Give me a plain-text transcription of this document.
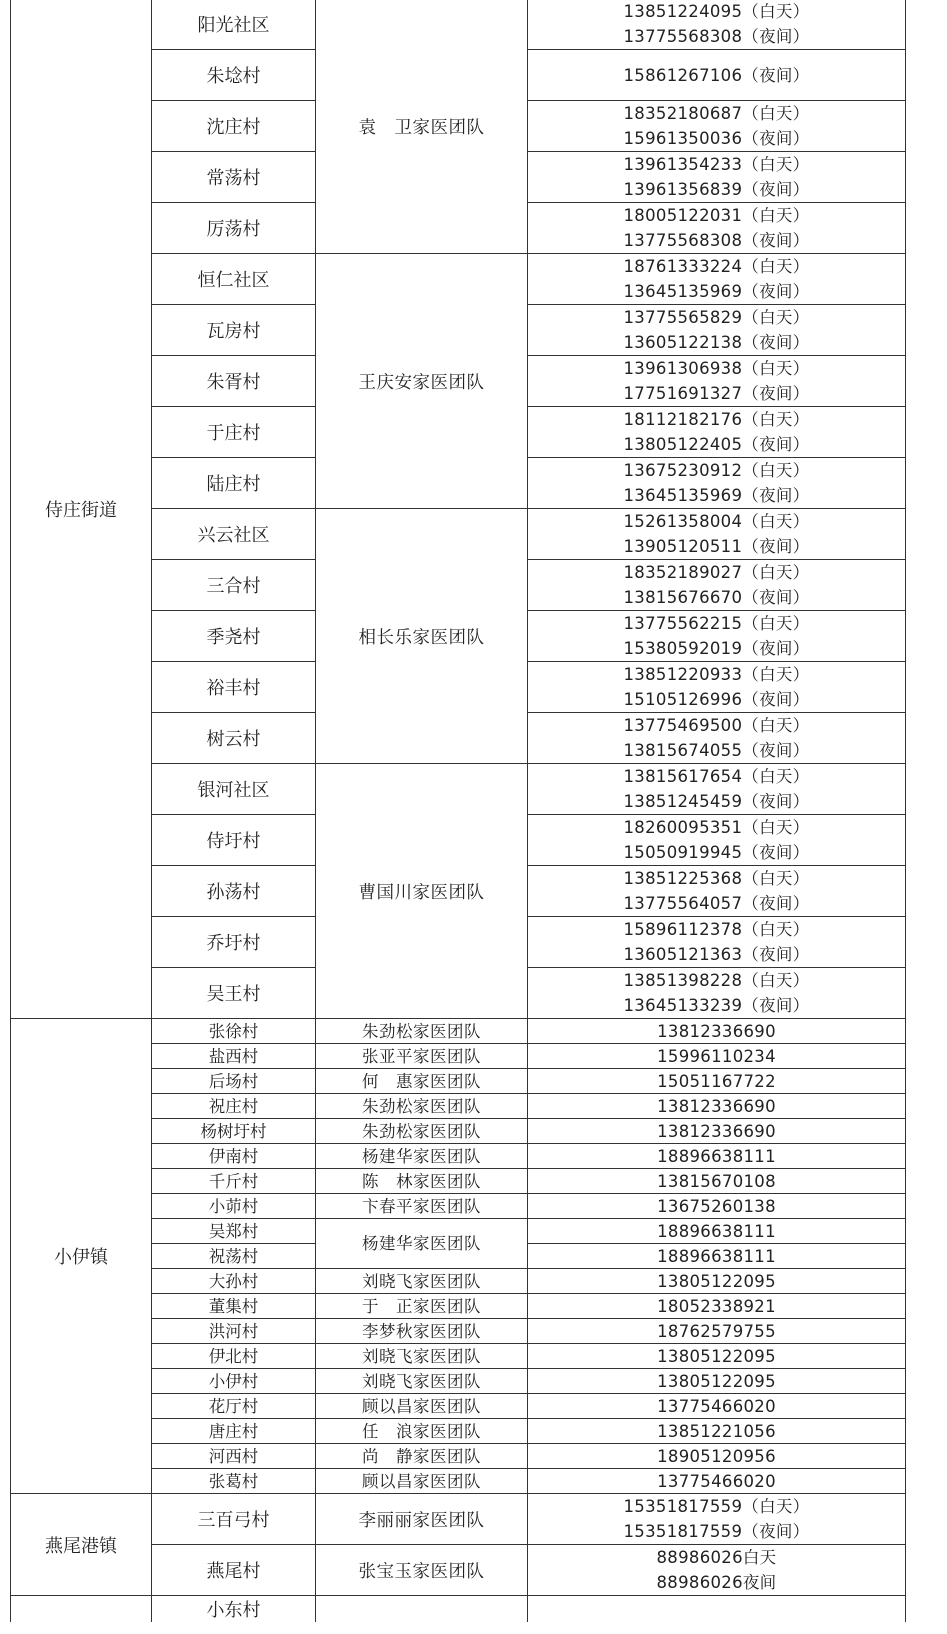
侍庄街道	阳光社区	袁　卫家医团队	13851224095（白天）
13775568308（夜间）

	朱埝村		15861267106（夜间）

	沈庄村		18352180687（白天）
15961350036（夜间）

	常荡村		13961354233（白天）
13961356839（夜间）

	厉荡村		18005122031（白天）
13775568308（夜间）

	恒仁社区	王庆安家医团队	18761333224（白天）
13645135969（夜间）

	瓦房村		13775565829（白天）
13605122138（夜间）

	朱胥村		13961306938（白天）
17751691327（夜间）

	于庄村		18112182176（白天）
13805122405（夜间）

	陆庄村		13675230912（白天）
13645135969（夜间）

	兴云社区	相长乐家医团队	15261358004（白天）
13905120511（夜间）

	三合村		18352189027（白天）
13815676670（夜间）

	季尧村		13775562215（白天）
15380592019（夜间）

	裕丰村		13851220933（白天）
15105126996（夜间）

	树云村		13775469500（白天）
13815674055（夜间）

	银河社区	曹国川家医团队	13815617654（白天）
13851245459（夜间）

	侍圩村		18260095351（白天）
15050919945（夜间）

	孙荡村		13851225368（白天）
13775564057（夜间）

	乔圩村		15896112378（白天）
13605121363（夜间）

	吴王村		13851398228（白天）
13645133239（夜间）

小伊镇	张徐村	朱劲松家医团队	13812336690
	盐西村	张亚平家医团队	15996110234
	后场村	何　惠家医团队	15051167722
	祝庄村	朱劲松家医团队	13812336690
	杨树圩村	朱劲松家医团队	13812336690
	伊南村	杨建华家医团队	18896638111
	千斤村	陈　林家医团队	13815670108
	小茆村	卞春平家医团队	13675260138
	吴郑村	杨建华家医团队	18896638111
	祝荡村		18896638111
	大孙村	刘晓飞家医团队	13805122095
	董集村	于　正家医团队	18052338921
	洪河村	李梦秋家医团队	18762579755
	伊北村	刘晓飞家医团队	13805122095
	小伊村	刘晓飞家医团队	13805122095
	花厅村	顾以昌家医团队	13775466020
	唐庄村	任　浪家医团队	13851221056
	河西村	尚　静家医团队	18905120956
	张葛村	顾以昌家医团队	13775466020
燕尾港镇	三百弓村	李丽丽家医团队	15351817559（白天）
15351817559（夜间）

	燕尾村	张宝玉家医团队	88986026白天
88986026夜间

	小东村		
